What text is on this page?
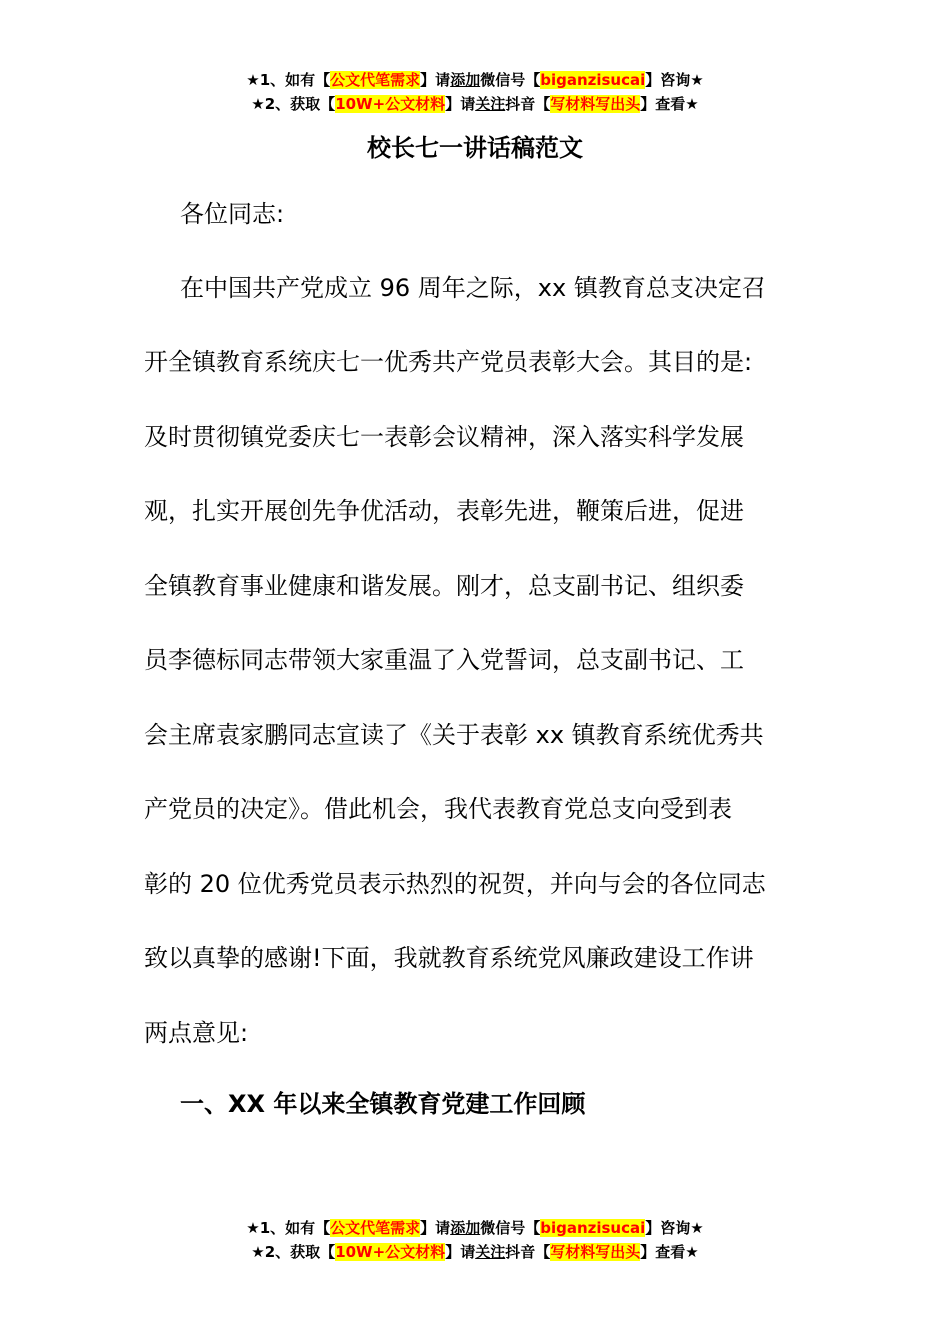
★1、如有【公文代笔需求】请添加微信号【biganzisucai】咨询★
★2、获取【10W+公文材料】请关注抖音【写材料写出头】查看★
校长七一讲话稿范文
各位同志:
在中国共产党成立 96 周年之际，xx 镇教育总支决定召
开全镇教育系统庆七一优秀共产党员表彰大会。其目的是:
及时贯彻镇党委庆七一表彰会议精神，深入落实科学发展
观，扎实开展创先争优活动，表彰先进，鞭策后进，促进
全镇教育事业健康和谐发展。刚才，总支副书记、组织委
员李德标同志带领大家重温了入党誓词，总支副书记、工
会主席袁家鹏同志宣读了《关于表彰 xx 镇教育系统优秀共
产党员的决定》。借此机会，我代表教育党总支向受到表
彰的 20 位优秀党员表示热烈的祝贺，并向与会的各位同志
致以真挚的感谢!下面，我就教育系统党风廉政建设工作讲
两点意见:
一、XX 年以来全镇教育党建工作回顾
★1、如有【公文代笔需求】请添加微信号【biganzisucai】咨询★
★2、获取【10W+公文材料】请关注抖音【写材料写出头】查看★
